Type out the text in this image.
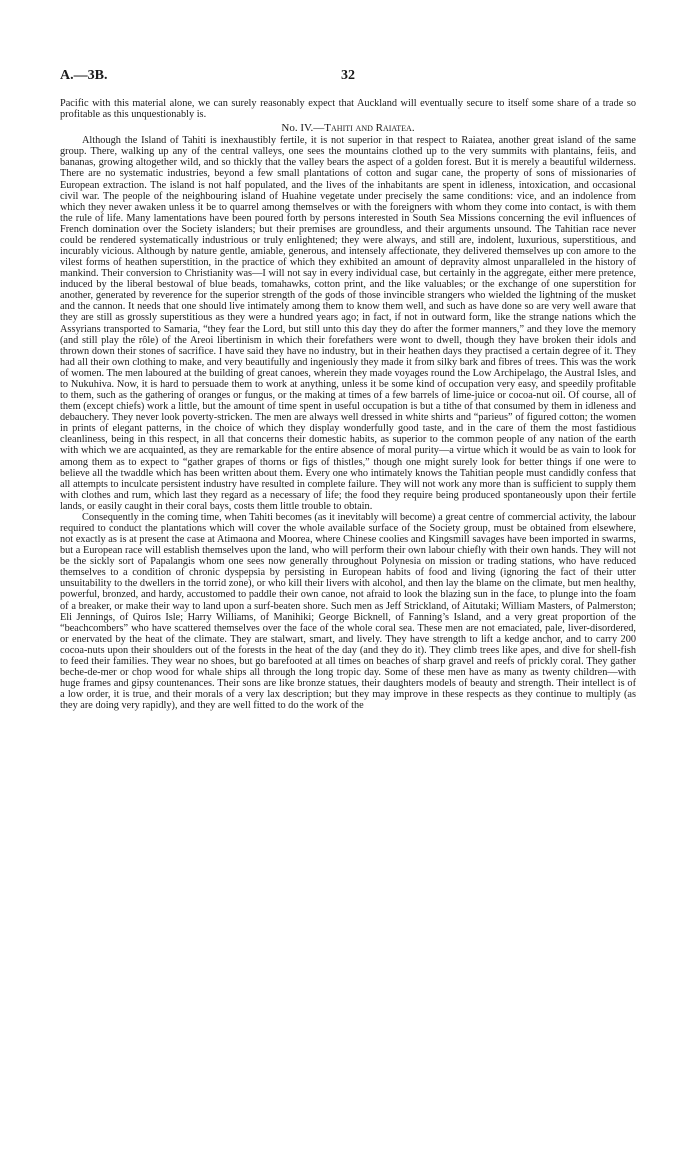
A.—3B.	32

Pacific with this material alone, we can surely reasonably expect that Auckland will eventually secure to itself some share of a trade so profitable as this unquestionably is.

No. IV.—Tahiti and Raiatea.

Although the Island of Tahiti is inexhaustibly fertile, it is not superior in that respect to Raiatea, another great island of the same group. There, walking up any of the central valleys, one sees the mountains clothed up to the very summits with plantains, feiis, and bananas, growing altogether wild, and so thickly that the valley bears the aspect of a golden forest. But it is merely a beautiful wilderness. There are no systematic industries, beyond a few small plantations of cotton and sugar cane, the property of sons of missionaries of European extraction. The island is not half populated, and the lives of the inhabitants are spent in idleness, intoxication, and occasional civil war. The people of the neighbouring island of Huahine vegetate under precisely the same conditions: vice, and an indolence from which they never awaken unless it be to quarrel among themselves or with the foreigners with whom they come into contact, is with them the rule of life. Many lamentations have been poured forth by persons interested in South Sea Missions concerning the evil influences of French domination over the Society islanders; but their premises are groundless, and their arguments unsound. The Tahitian race never could be rendered systematically industrious or truly enlightened; they were always, and still are, indolent, luxurious, superstitious, and incurably vicious. Although by nature gentle, amiable, generous, and intensely affectionate, they delivered themselves up con amore to the vilest forms of heathen superstition, in the practice of which they exhibited an amount of depravity almost unparalleled in the history of mankind. Their conversion to Christianity was—I will not say in every individual case, but certainly in the aggregate, either mere pretence, induced by the liberal bestowal of blue beads, tomahawks, cotton print, and the like valuables; or the exchange of one superstition for another, generated by reverence for the superior strength of the gods of those invincible strangers who wielded the lightning of the musket and the cannon. It needs that one should live intimately among them to know them well, and such as have done so are very well aware that they are still as grossly superstitious as they were a hundred years ago; in fact, if not in outward form, like the strange nations which the Assyrians transported to Samaria, “they fear the Lord, but still unto this day they do after the former manners,” and they love the memory (and still play the rôle) of the Areoi libertinism in which their forefathers were wont to dwell, though they have broken their idols and thrown down their stones of sacrifice. I have said they have no industry, but in their heathen days they practised a certain degree of it. They had all their own clothing to make, and very beautifully and ingeniously they made it from silky bark and fibres of trees. This was the work of women. The men laboured at the building of great canoes, wherein they made voyages round the Low Archipelago, the Austral Isles, and to Nukuhiva. Now, it is hard to persuade them to work at anything, unless it be some kind of occupation very easy, and speedily profitable to them, such as the gathering of oranges or fungus, or the making at times of a few barrels of lime-juice or cocoa-nut oil. Of course, all of them (except chiefs) work a little, but the amount of time spent in useful occupation is but a tithe of that consumed by them in idleness and debauchery. They never look poverty-stricken. The men are always well dressed in white shirts and “parieus” of figured cotton; the women in prints of elegant patterns, in the choice of which they display wonderfully good taste, and in the care of them the most fastidious cleanliness, being in this respect, in all that concerns their domestic habits, as superior to the common people of any nation of the earth with which we are acquainted, as they are remarkable for the entire absence of moral purity—a virtue which it would be as vain to look for among them as to expect to “gather grapes of thorns or figs of thistles,” though one might surely look for better things if one were to believe all the twaddle which has been written about them. Every one who intimately knows the Tahitian people must candidly confess that all attempts to inculcate persistent industry have resulted in complete failure. They will not work any more than is sufficient to supply them with clothes and rum, which last they regard as a necessary of life; the food they require being produced spontaneously upon their fertile lands, or easily caught in their coral bays, costs them little trouble to obtain.

Consequently in the coming time, when Tahiti becomes (as it inevitably will become) a great centre of commercial activity, the labour required to conduct the plantations which will cover the whole available surface of the Society group, must be obtained from elsewhere, not exactly as is at present the case at Atimaona and Moorea, where Chinese coolies and Kingsmill savages have been imported in swarms, but a European race will establish themselves upon the land, who will perform their own labour chiefly with their own hands. They will not be the sickly sort of Papalangis whom one sees now generally throughout Polynesia on mission or trading stations, who have reduced themselves to a condition of chronic dyspepsia by persisting in European habits of food and living (ignoring the fact of their utter unsuitability to the dwellers in the torrid zone), or who kill their livers with alcohol, and then lay the blame on the climate, but men healthy, powerful, bronzed, and hardy, accustomed to paddle their own canoe, not afraid to look the blazing sun in the face, to plunge into the foam of a breaker, or make their way to land upon a surf-beaten shore. Such men as Jeff Strickland, of Aitutaki; William Masters, of Palmerston; Eli Jennings, of Quiros Isle; Harry Williams, of Manihiki; George Bicknell, of Fanning’s Island, and a very great proportion of the “beachcombers” who have scattered themselves over the face of the whole coral sea. These men are not emaciated, pale, liver-disordered, or enervated by the heat of the climate. They are stalwart, smart, and lively. They have strength to lift a kedge anchor, and to carry 200 cocoa-nuts upon their shoulders out of the forests in the heat of the day (and they do it). They climb trees like apes, and dive for shell-fish to feed their families. They wear no shoes, but go barefooted at all times on beaches of sharp gravel and reefs of prickly coral. They gather beche-de-mer or chop wood for whale ships all through the long tropic day. Some of these men have as many as twenty children—with huge frames and gipsy countenances. Their sons are like bronze statues, their daughters models of beauty and strength. Their intellect is of a low order, it is true, and their morals of a very lax description; but they may improve in these respects as they continue to multiply (as they are doing very rapidly), and they are well fitted to do the work of the
